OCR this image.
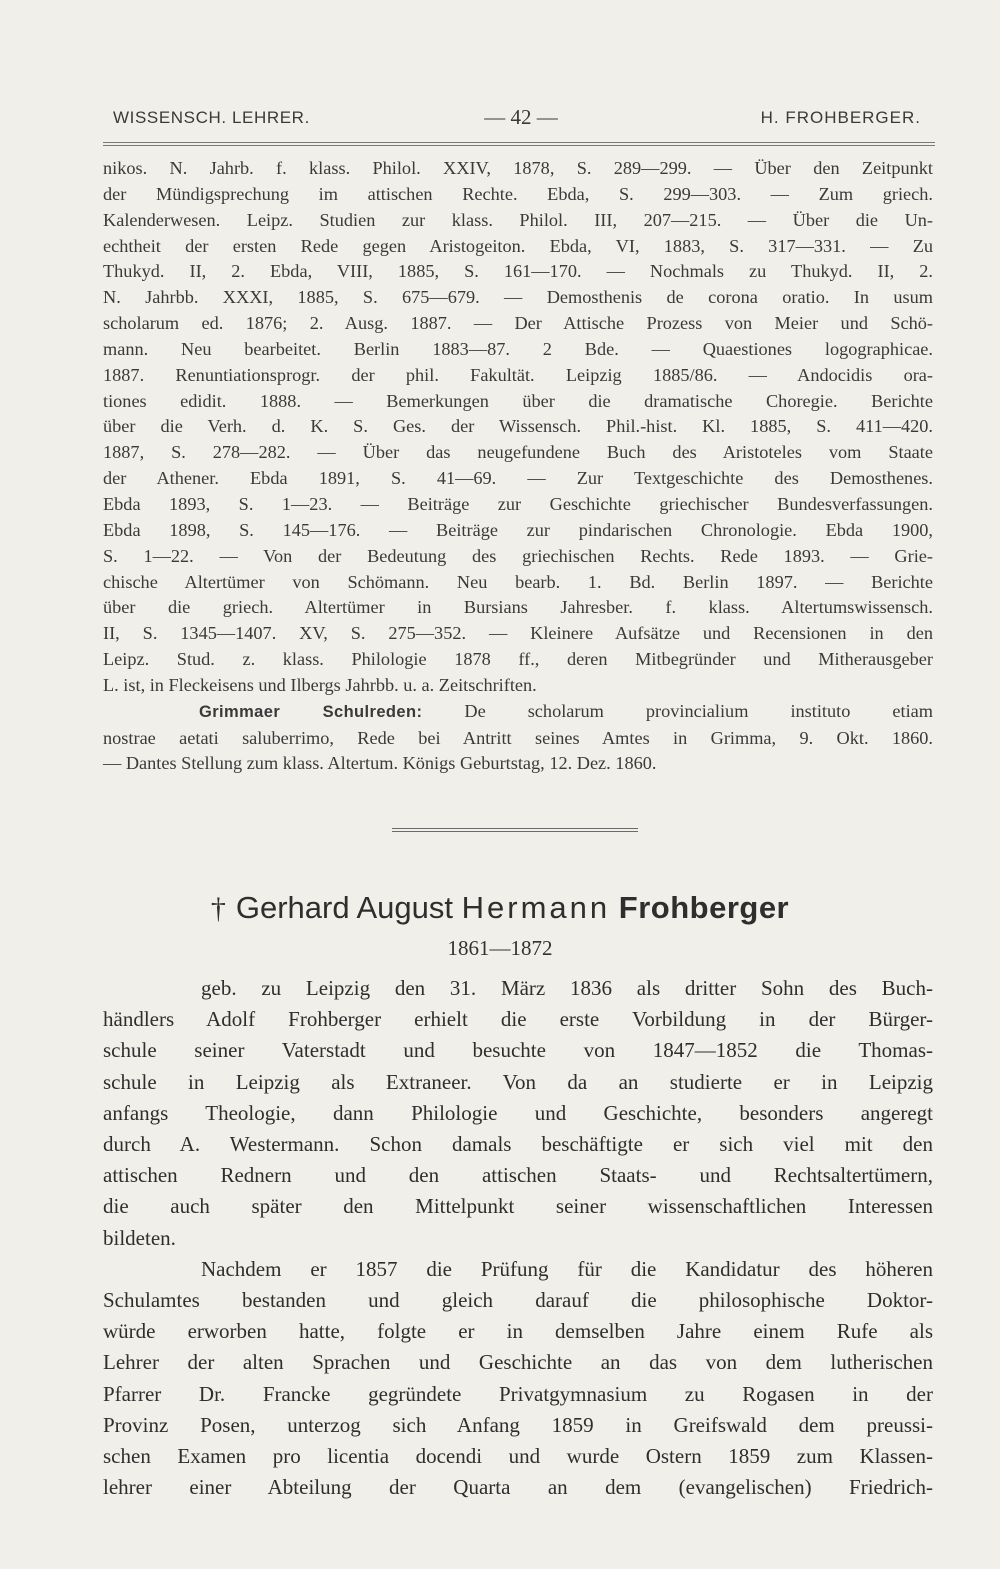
WISSENSCH. LEHRER.	— 42 —	H. FROHBERGER.

nikos. N. Jahrb. f. klass. Philol. XXIV, 1878, S. 289—299. — Über den Zeitpunkt

der Mündigsprechung im attischen Rechte. Ebda, S. 299—303. — Zum griech.

Kalenderwesen. Leipz. Studien zur klass. Philol. III, 207—215. — Über die Un-

echtheit der ersten Rede gegen Aristogeiton. Ebda, VI, 1883, S. 317—331. — Zu

Thukyd. II, 2. Ebda, VIII, 1885, S. 161—170. — Nochmals zu Thukyd. II, 2.

N. Jahrbb. XXXI, 1885, S. 675—679. — Demosthenis de corona oratio. In usum

scholarum ed. 1876; 2. Ausg. 1887. — Der Attische Prozess von Meier und Schö-

mann. Neu bearbeitet. Berlin 1883—87. 2 Bde. — Quaestiones logographicae.

1887. Renuntiationsprogr. der phil. Fakultät. Leipzig 1885/86. — Andocidis ora-

tiones edidit. 1888. — Bemerkungen über die dramatische Choregie. Berichte

über die Verh. d. K. S. Ges. der Wissensch. Phil.-hist. Kl. 1885, S. 411—420.

1887, S. 278—282. — Über das neugefundene Buch des Aristoteles vom Staate

der Athener. Ebda 1891, S. 41—69. — Zur Textgeschichte des Demosthenes.

Ebda 1893, S. 1—23. — Beiträge zur Geschichte griechischer Bundesverfassungen.

Ebda 1898, S. 145—176. — Beiträge zur pindarischen Chronologie. Ebda 1900,

S. 1—22. — Von der Bedeutung des griechischen Rechts. Rede 1893. — Grie-

chische Altertümer von Schömann. Neu bearb. 1. Bd. Berlin 1897. — Berichte

über die griech. Altertümer in Bursians Jahresber. f. klass. Altertumswissensch.

II, S. 1345—1407. XV, S. 275—352. — Kleinere Aufsätze und Recensionen in den

Leipz. Stud. z. klass. Philologie 1878 ff., deren Mitbegründer und Mitherausgeber

L. ist, in Fleckeisens und Ilbergs Jahrbb. u. a. Zeitschriften.

Grimmaer Schulreden: De scholarum provincialium instituto etiam

nostrae aetati saluberrimo, Rede bei Antritt seines Amtes in Grimma, 9. Okt. 1860.

— Dantes Stellung zum klass. Altertum. Königs Geburtstag, 12. Dez. 1860.

† Gerhard August Hermann Frohberger
1861—1872

geb. zu Leipzig den 31. März 1836 als dritter Sohn des Buch-

händlers Adolf Frohberger erhielt die erste Vorbildung in der Bürger-

schule seiner Vaterstadt und besuchte von 1847—1852 die Thomas-

schule in Leipzig als Extraneer. Von da an studierte er in Leipzig

anfangs Theologie, dann Philologie und Geschichte, besonders angeregt

durch A. Westermann. Schon damals beschäftigte er sich viel mit den

attischen Rednern und den attischen Staats- und Rechtsaltertümern,

die auch später den Mittelpunkt seiner wissenschaftlichen Interessen

bildeten.

Nachdem er 1857 die Prüfung für die Kandidatur des höheren

Schulamtes bestanden und gleich darauf die philosophische Doktor-

würde erworben hatte, folgte er in demselben Jahre einem Rufe als

Lehrer der alten Sprachen und Geschichte an das von dem lutherischen

Pfarrer Dr. Francke gegründete Privatgymnasium zu Rogasen in der

Provinz Posen, unterzog sich Anfang 1859 in Greifswald dem preussi-

schen Examen pro licentia docendi und wurde Ostern 1859 zum Klassen-

lehrer einer Abteilung der Quarta an dem (evangelischen) Friedrich-
